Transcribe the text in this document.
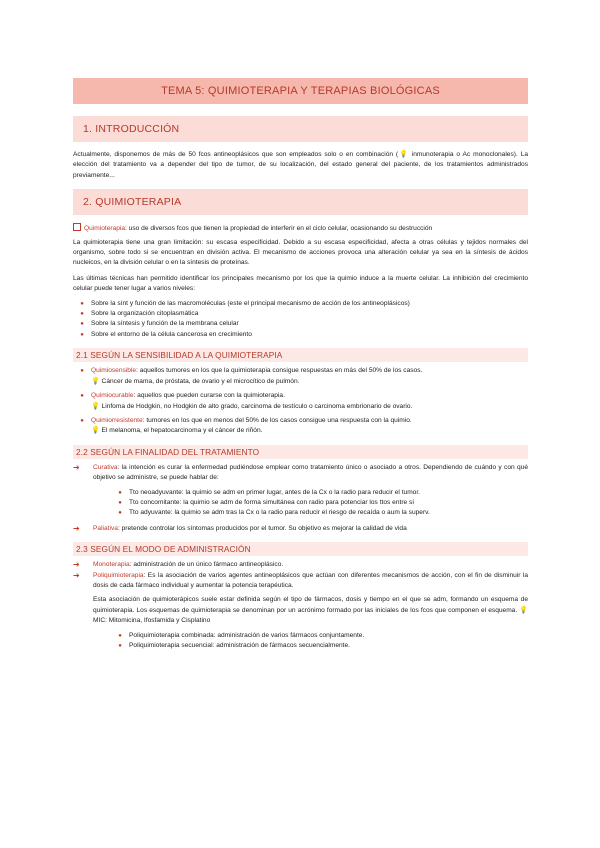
TEMA 5: QUIMIOTERAPIA Y TERAPIAS BIOLÓGICAS
1. INTRODUCCIÓN

Actualmente, disponemos de más de 50 fcos antineoplásicos que son empleados solo o en combinación (💡 inmunoterapia o Ac monoclonales). La elección del tratamiento va a depender del tipo de tumor, de su localización, del estado general del paciente, de los tratamientos administrados previamente...

2. QUIMIOTERAPIA

Quimioterapia: uso de diversos fcos que tienen la propiedad de interferir en el ciclo celular, ocasionando su destrucción

La quimioterapia tiene una gran limitación: su escasa especificidad. Debido a su escasa especificidad, afecta a otras células y tejidos normales del organismo, sobre todo si se encuentran en división activa. El mecanismo de acciones provoca una alteración celular ya sea en la síntesis de ácidos nucleicos, en la división celular o en la síntesis de proteínas.

Las últimas técnicas han permitido identificar los principales mecanismo por los que la quimio induce a la muerte celular. La inhibición del crecimiento celular puede tener lugar a varios niveles:

●	Sobre la sínt y función de las macromoléculas (este el principal mecanismo de acción de los antineoplásicos)
●	Sobre la organización citoplasmática
●	Sobre la síntesis y función de la membrana celular
●	Sobre el entorno de la célula cancerosa en crecimiento
2.1
SEGÚN LA SENSIBILIDAD A LA QUIMIOTERAPIA
●	Quimiosensible: aquellos tumores en los que la quimioterapia consigue respuestas en más del 50% de los casos.
💡 Cáncer de mama, de próstata, de ovario y el microcítico de pulmón.
●	Quimiocurable: aquellos que pueden curarse con la quimioterapia.
💡 Linfoma de Hodgkin, no Hodgkin de alto grado, carcinoma de testículo o carcinoma embrionario de ovario.
●	Quimiorresistente: tumores en los que en menos del 50% de los casos consigue una respuesta con la quimio.
💡 El melanoma, el hepatocarcinoma y el cáncer de riñón.
2.2
SEGÚN LA FINALIDAD DEL TRATAMIENTO
➔	Curativa: la intención es curar la enfermedad pudiéndose emplear como tratamiento único o asociado a otros. Dependiendo de cuándo y con qué objetivo se administre, se puede hablar de:

●	Tto neoadyuvante: la quimio se adm en primer lugar, antes de la Cx o la radio para reducir el tumor.
●	Tto concomitante: la quimio se adm de forma simultánea con radio para potenciar los ttos entre sí
●	Tto adyuvante: la quimio se adm tras la Cx o la radio para reducir el riesgo de recaída o aum la superv.
➔	Paliativa: pretende controlar los síntomas producidos por el tumor. Su objetivo es mejorar la calidad de vida

2.3
SEGÚN EL MODO DE ADMINISTRACIÓN
➔	Monoterapia: administración de un único fármaco antineoplásico.

➔	Poliquimioterapia: Es la asociación de varios agentes antineoplásicos que actúan con diferentes mecanismos de acción, con el fin de disminuir la dosis de cada fármaco individual y aumentar la potencia terapéutica.

Esta asociación de quimioterápicos suele estar definida según el tipo de fármacos, dosis y tiempo en el que se adm, formando un esquema de quimioterapia. Los esquemas de quimioterapia se denominan por un acrónimo formado por las iniciales de los fcos que componen el esquema. 💡 MIC: Mitomicina, Ifosfamida y Cisplatino

●	Poliquimioterapia combinada: administración de varios fármacos conjuntamente.
●	Poliquimioterapia secuencial: administración de fármacos secuencialmente.
